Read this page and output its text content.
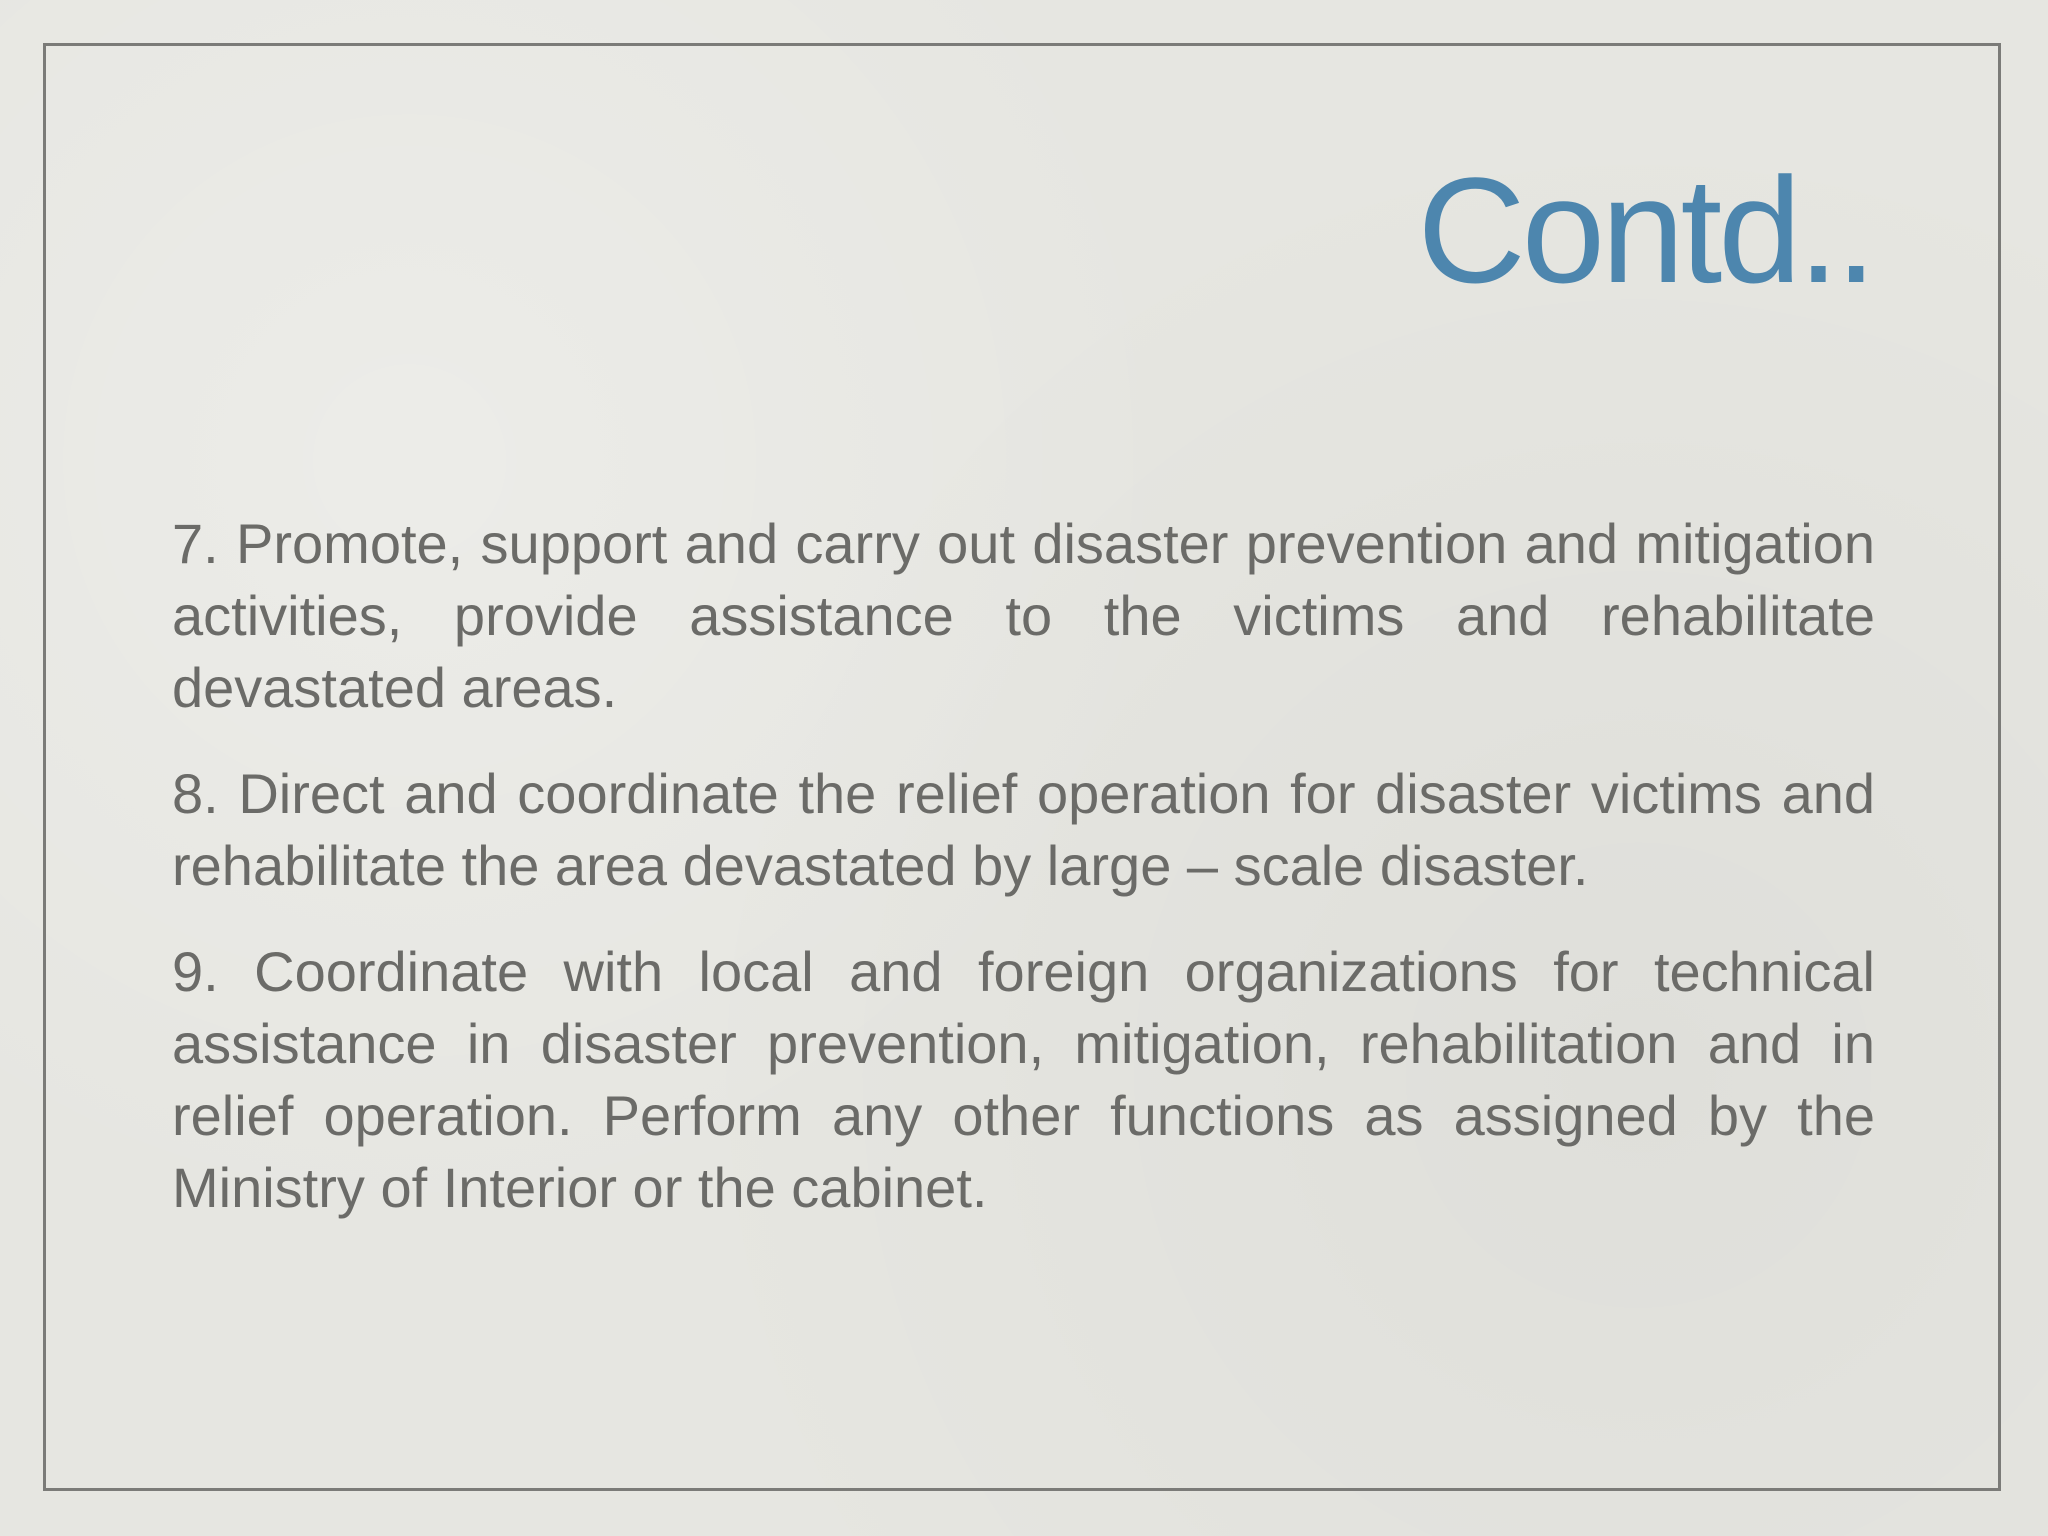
Contd..

7. Promote, support and carry out disaster prevention and mitigation activities, provide assistance to the victims and rehabilitate devastated areas.

8. Direct and coordinate the relief operation for disaster victims and rehabilitate the area devastated by large – scale disaster.

9. Coordinate with local and foreign organizations for technical assistance in disaster prevention, mitigation, rehabilitation and in relief operation. Perform any other functions as assigned by the Ministry of Interior or the cabinet.
